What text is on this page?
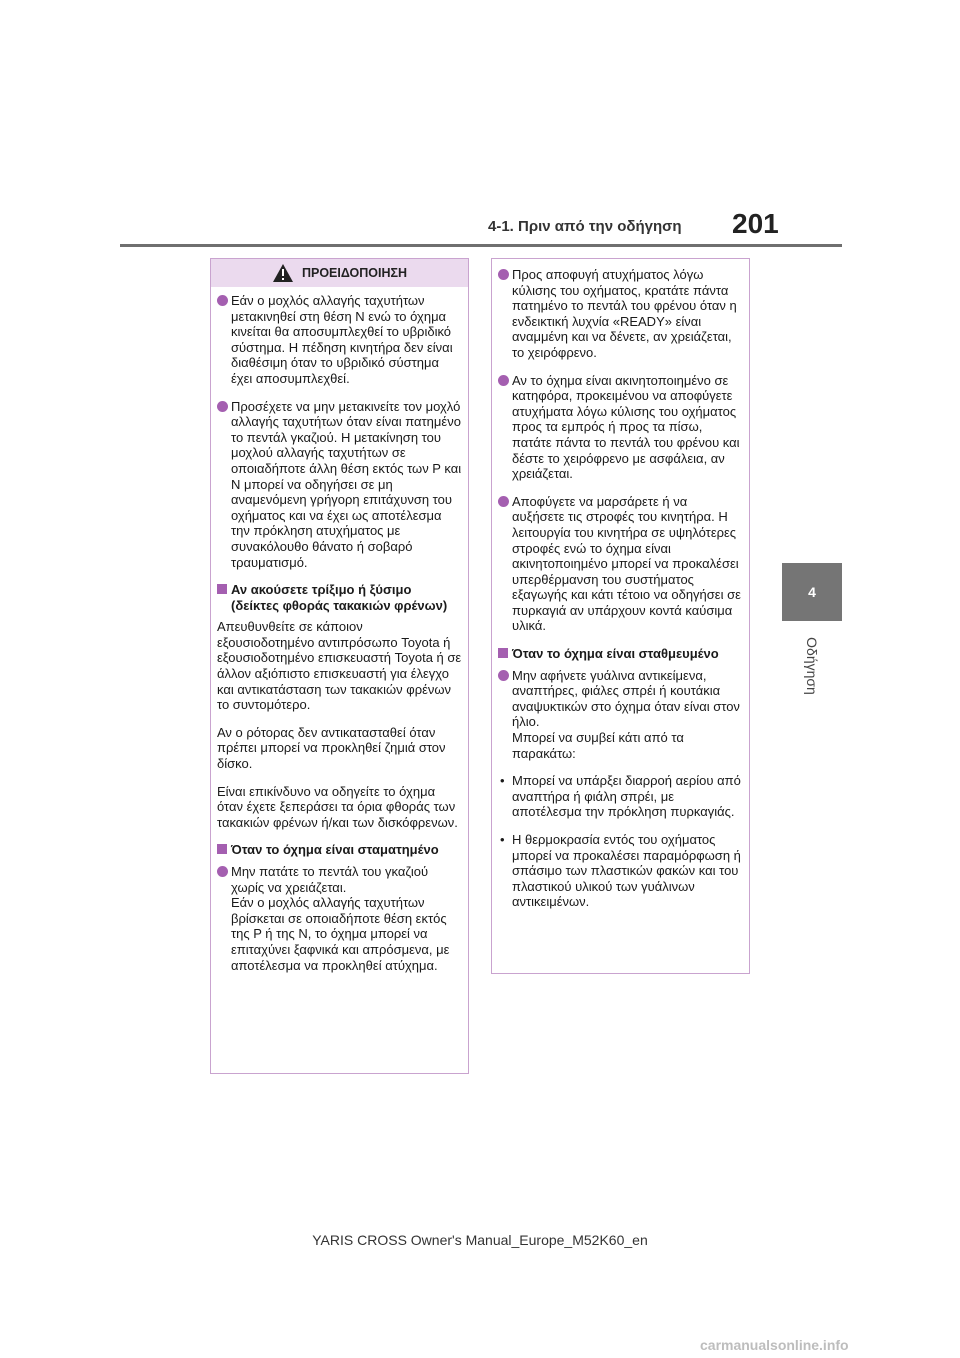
4-1. Πριν από την οδήγηση 201
4
Οδήγηση
ΠΡΟΕΙΔΟΠΟΙΗΣΗ
Εάν ο μοχλός αλλαγής ταχυτήτων μετακινηθεί στη θέση N ενώ το όχημα κινείται θα αποσυμπλεχθεί το υβριδικό σύστημα. Η πέδηση κινητήρα δεν είναι διαθέσιμη όταν το υβριδικό σύστημα έχει αποσυμπλεχθεί.
Προσέχετε να μην μετακινείτε τον μοχλό αλλαγής ταχυτήτων όταν είναι πατημένο το πεντάλ γκαζιού. Η μετακίνηση του μοχλού αλλαγής ταχυτήτων σε οποιαδήποτε άλλη θέση εκτός των P και N μπορεί να οδηγήσει σε μη αναμενόμενη γρήγορη επιτάχυνση του οχήματος και να έχει ως αποτέλεσμα την πρόκληση ατυχήματος με συνακόλουθο θάνατο ή σοβαρό τραυματισμό.
Αν ακούσετε τρίξιμο ή ξύσιμο (δείκτες φθοράς τακακιών φρένων)
Απευθυνθείτε σε κάποιον εξουσιοδοτημένο αντιπρόσωπο Toyota ή εξουσιοδοτημένο επισκευαστή Toyota ή σε άλλον αξιόπιστο επισκευαστή για έλεγχο και αντικατάσταση των τακακιών φρένων το συντομότερο.
Αν ο ρότορας δεν αντικατασταθεί όταν πρέπει μπορεί να προκληθεί ζημιά στον δίσκο.
Είναι επικίνδυνο να οδηγείτε το όχημα όταν έχετε ξεπεράσει τα όρια φθοράς των τακακιών φρένων ή/και των δισκόφρενων.
Όταν το όχημα είναι σταματημένο
Μην πατάτε το πεντάλ του γκαζιού χωρίς να χρειάζεται.
Εάν ο μοχλός αλλαγής ταχυτήτων βρίσκεται σε οποιαδήποτε θέση εκτός της P ή της N, το όχημα μπορεί να επιταχύνει ξαφνικά και απρόσμενα, με αποτέλεσμα να προκληθεί ατύχημα.
Προς αποφυγή ατυχήματος λόγω κύλισης του οχήματος, κρατάτε πάντα πατημένο το πεντάλ του φρένου όταν η ενδεικτική λυχνία «READY» είναι αναμμένη και να δένετε, αν χρειάζεται, το χειρόφρενο.
Αν το όχημα είναι ακινητοποιημένο σε κατηφόρα, προκειμένου να αποφύγετε ατυχήματα λόγω κύλισης του οχήματος προς τα εμπρός ή προς τα πίσω, πατάτε πάντα το πεντάλ του φρένου και δέστε το χειρόφρενο με ασφάλεια, αν χρειάζεται.
Αποφύγετε να μαρσάρετε ή να αυξήσετε τις στροφές του κινητήρα. Η λειτουργία του κινητήρα σε υψηλότερες στροφές ενώ το όχημα είναι ακινητοποιημένο μπορεί να προκαλέσει υπερθέρμανση του συστήματος εξαγωγής και κάτι τέτοιο να οδηγήσει σε πυρκαγιά αν υπάρχουν κοντά καύσιμα υλικά.
Όταν το όχημα είναι σταθμευμένο
Μην αφήνετε γυάλινα αντικείμενα, αναπτήρες, φιάλες σπρέι ή κουτάκια αναψυκτικών στο όχημα όταν είναι στον ήλιο.
Μπορεί να συμβεί κάτι από τα παρακάτω:
• Μπορεί να υπάρξει διαρροή αερίου από αναπτήρα ή φιάλη σπρέι, με αποτέλεσμα την πρόκληση πυρκαγιάς.
• Η θερμοκρασία εντός του οχήματος μπορεί να προκαλέσει παραμόρφωση ή σπάσιμο των πλαστικών φακών και του πλαστικού υλικού των γυάλινων αντικειμένων.
YARIS CROSS Owner's Manual_Europe_M52K60_en
carmanualsonline.info
